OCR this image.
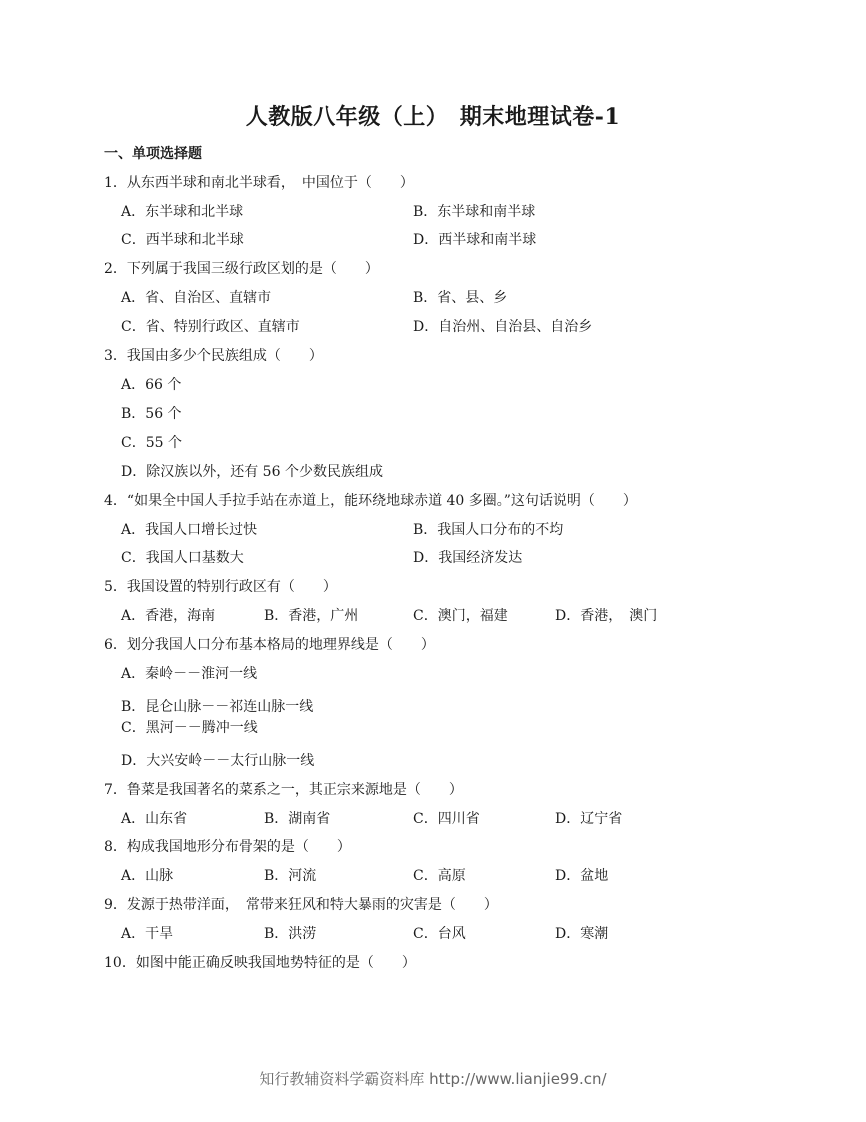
人教版八年级（上）　期末地理试卷-1
一、单项选择题
1．从东西半球和南北半球看，　中国位于（　　）
A．东半球和北半球	B．东半球和南半球
C．西半球和北半球	D．西半球和南半球
2．下列属于我国三级行政区划的是（　　）
A．省、自治区、直辖市	B．省、县、乡
C．省、特别行政区、直辖市	D．自治州、自治县、自治乡
3．我国由多少个民族组成（　　）
A．66 个
B．56 个
C．55 个
D．除汉族以外，还有 56 个少数民族组成
4．“如果全中国人手拉手站在赤道上，能环绕地球赤道 40 多圈。”这句话说明（　　）
A．我国人口增长过快	B．我国人口分布的不均
C．我国人口基数大	D．我国经济发达
5．我国设置的特别行政区有（　　）
A．香港，海南	B．香港，广州	C．澳门，福建	D．香港，　澳门
6．划分我国人口分布基本格局的地理界线是（　　）
A．秦岭－－淮河一线
B．昆仑山脉－－祁连山脉一线
C．黑河－－腾冲一线
D．大兴安岭－－太行山脉一线
7．鲁菜是我国著名的菜系之一，其正宗来源地是（　　）
A．山东省	B．湖南省	C．四川省	D．辽宁省
8．构成我国地形分布骨架的是（　　）
A．山脉	B．河流	C．高原	D．盆地
9．发源于热带洋面，　常带来狂风和特大暴雨的灾害是（　　）
A．干旱	B．洪涝	C．台风	D．寒潮
10．如图中能正确反映我国地势特征的是（　　）
知行教辅资料学霸资料库 http://www.lianjie99.cn/
